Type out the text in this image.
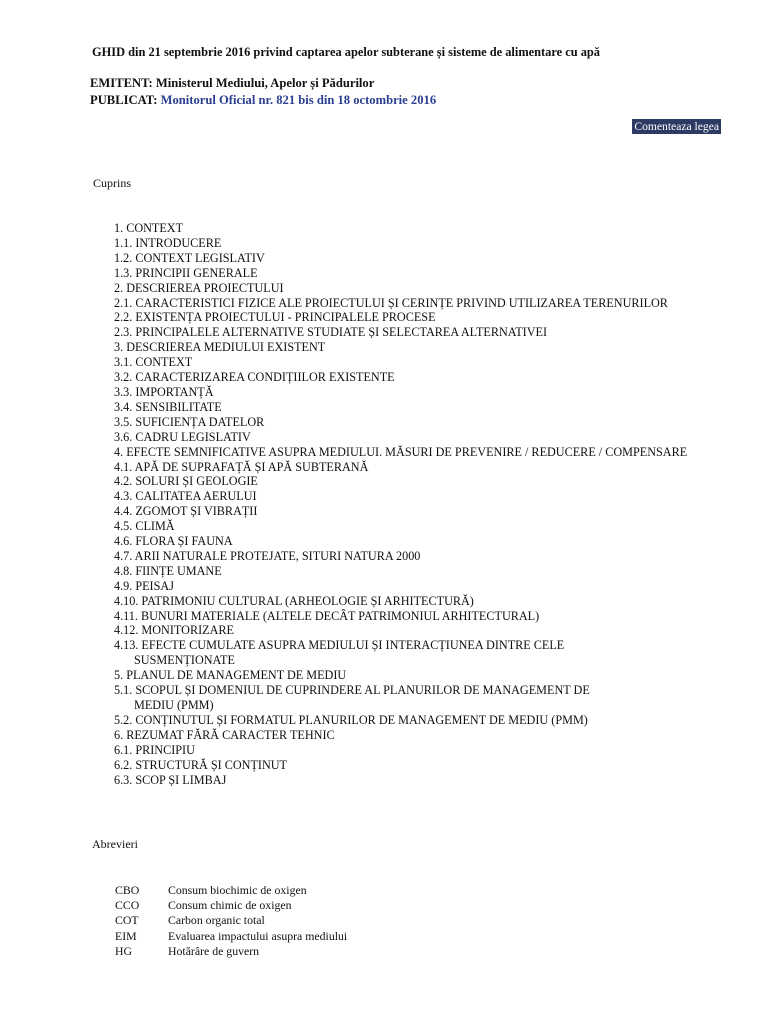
GHID din 21 septembrie 2016 privind captarea apelor subterane și sisteme de alimentare cu apă
EMITENT: Ministerul Mediului, Apelor și Pădurilor
PUBLICAT: Monitorul Oficial nr. 821 bis din 18 octombrie 2016
Comenteaza legea
Cuprins
1. CONTEXT
1.1. INTRODUCERE
1.2. CONTEXT LEGISLATIV
1.3. PRINCIPII GENERALE
2. DESCRIEREA PROIECTULUI
2.1. CARACTERISTICI FIZICE ALE PROIECTULUI ȘI CERINȚE PRIVIND UTILIZAREA TERENURILOR
2.2. EXISTENȚA PROIECTULUI - PRINCIPALELE PROCESE
2.3. PRINCIPALELE ALTERNATIVE STUDIATE ȘI SELECTAREA ALTERNATIVEI
3. DESCRIEREA MEDIULUI EXISTENT
3.1. CONTEXT
3.2. CARACTERIZAREA CONDIȚIILOR EXISTENTE
3.3. IMPORTANȚĂ
3.4. SENSIBILITATE
3.5. SUFICIENȚA DATELOR
3.6. CADRU LEGISLATIV
4. EFECTE SEMNIFICATIVE ASUPRA MEDIULUI. MĂSURI DE PREVENIRE / REDUCERE / COMPENSARE
4.1. APĂ DE SUPRAFAȚĂ ȘI APĂ SUBTERANĂ
4.2. SOLURI ȘI GEOLOGIE
4.3. CALITATEA AERULUI
4.4. ZGOMOT ȘI VIBRAȚII
4.5. CLIMĂ
4.6. FLORA ȘI FAUNA
4.7. ARII NATURALE PROTEJATE, SITURI NATURA 2000
4.8. FIINȚE UMANE
4.9. PEISAJ
4.10. PATRIMONIU CULTURAL (ARHEOLOGIE ȘI ARHITECTURĂ)
4.11. BUNURI MATERIALE (ALTELE DECÂT PATRIMONIUL ARHITECTURAL)
4.12. MONITORIZARE
4.13. EFECTE CUMULATE ASUPRA MEDIULUI ȘI INTERACȚIUNEA DINTRE CELE
SUSMENȚIONATE
5. PLANUL DE MANAGEMENT DE MEDIU
5.1. SCOPUL ȘI DOMENIUL DE CUPRINDERE AL PLANURILOR DE MANAGEMENT DE
MEDIU (PMM)
5.2. CONȚINUTUL ȘI FORMATUL PLANURILOR DE MANAGEMENT DE MEDIU (PMM)
6. REZUMAT FĂRĂ CARACTER TEHNIC
6.1. PRINCIPIU
6.2. STRUCTURĂ ȘI CONȚINUT
6.3. SCOP ȘI LIMBAJ
Abrevieri
CBO Consum biochimic de oxigen
CCO Consum chimic de oxigen
COT Carbon organic total
EIM	Evaluarea impactului asupra mediului
HG	Hotărâre de guvern
